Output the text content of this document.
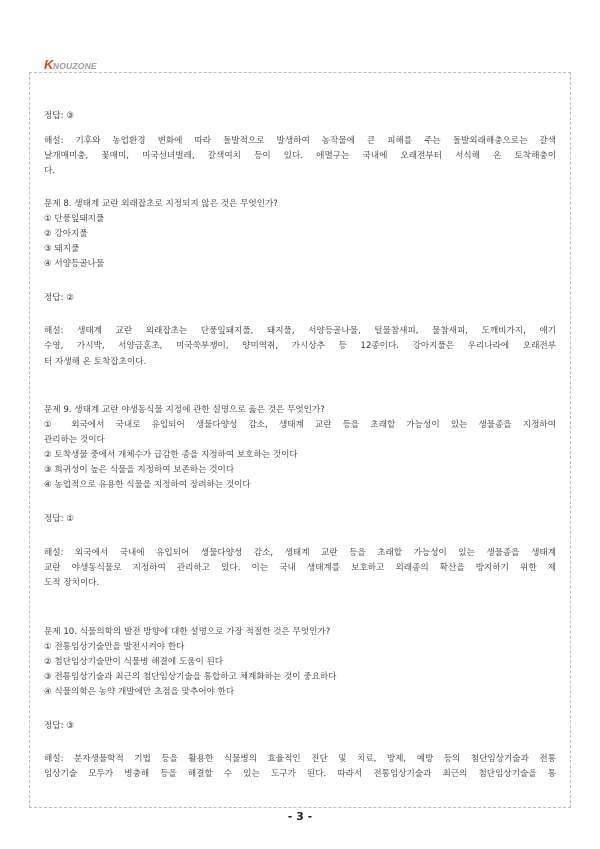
K NOUZONE
정답: ③
해설: 기후와 농업환경 변화에 따라 돌발적으로 발생하여 농작물에 큰 피해를 주는 돌발외래해충으로는 갈색
날개매미충, 꽃매미, 미국선녀벌레, 갈색여치 등이 있다. 애멸구는 국내에 오래전부터 서식해 온 토착해충이
다.
문제 8. 생태계 교란 외래잡초로 지정되지 않은 것은 무엇인가?
① 단풍잎돼지풀
② 강아지풀
③ 돼지풀
④ 서양등골나물
정답: ②
해설: 생태계 교란 외래잡초는 단풍잎돼지풀, 돼지풀, 서양등골나물, 털물참새피, 물참새피, 도깨비가지, 애기
수영, 가시박, 서양금혼초, 미국쑥부쟁이, 양미역취, 가시상추 등 12종이다. 강아지풀은 우리나라에 오래전부
터 자생해 온 토착잡초이다.
문제 9. 생태계 교란 야생동식물 지정에 관한 설명으로 옳은 것은 무엇인가?
① 외국에서 국내로 유입되어 생물다양성 감소, 생태계 교란 등을 초래할 가능성이 있는 생물종을 지정하여
관리하는 것이다
② 토착생물 중에서 개체수가 급감한 종을 지정하여 보호하는 것이다
③ 희귀성이 높은 식물을 지정하여 보존하는 것이다
④ 농업적으로 유용한 식물을 지정하여 장려하는 것이다
정답: ①
해설: 외국에서 국내에 유입되어 생물다양성 감소, 생태계 교란 등을 초래할 가능성이 있는 생물종을 생태계
교란 야생동식물로 지정하여 관리하고 있다. 이는 국내 생태계를 보호하고 외래종의 확산을 방지하기 위한 제
도적 장치이다.
문제 10. 식물의학의 발전 방향에 대한 설명으로 가장 적절한 것은 무엇인가?
① 전통임상기술만을 발전시켜야 한다
② 첨단임상기술만이 식물병 해결에 도움이 된다
③ 전통임상기술과 최근의 첨단임상기술을 통합하고 체계화하는 것이 중요하다
④ 식물의학은 농약 개발에만 초점을 맞추어야 한다
정답: ③
해설: 분자생물학적 기법 등을 활용한 식물병의 효율적인 진단 및 치료, 방제, 예방 등의 첨단임상기술과 전통
임상기술 모두가 병충해 등을 해결할 수 있는 도구가 된다. 따라서 전통임상기술과 최근의 첨단임상기술을 통
- 3 -
